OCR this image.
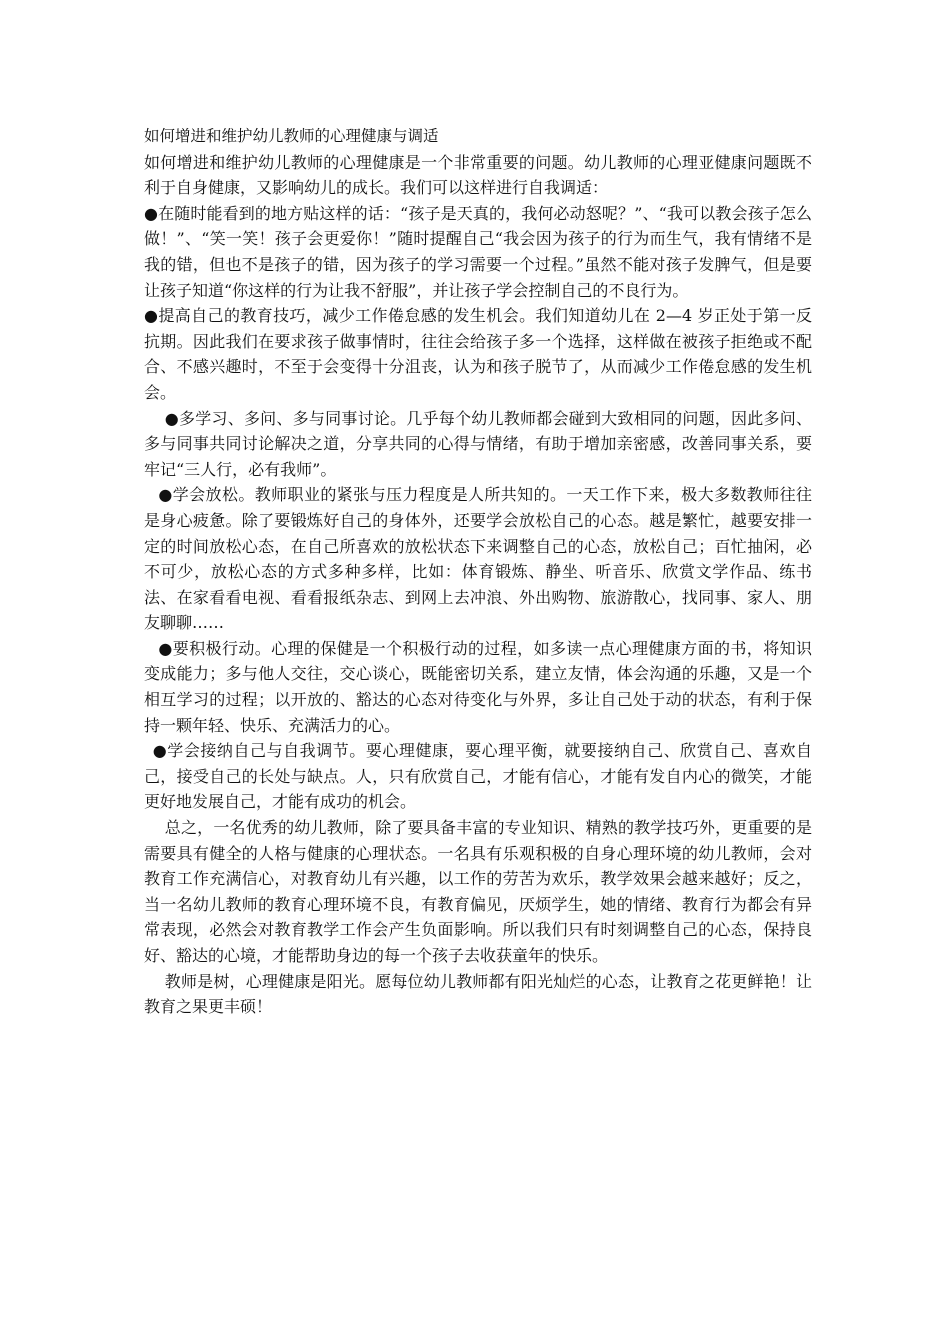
如何增进和维护幼儿教师的心理健康与调适

如何增进和维护幼儿教师的心理健康是一个非常重要的问题。幼儿教师的心理亚健康问题既不利于自身健康，又影响幼儿的成长。我们可以这样进行自我调适：

●在随时能看到的地方贴这样的话：“孩子是天真的，我何必动怒呢？”、“我可以教会孩子怎么做！”、“笑一笑！孩子会更爱你！”随时提醒自己“我会因为孩子的行为而生气，我有情绪不是我的错，但也不是孩子的错，因为孩子的学习需要一个过程。”虽然不能对孩子发脾气，但是要让孩子知道“你这样的行为让我不舒服”，并让孩子学会控制自己的不良行为。

●提高自己的教育技巧，减少工作倦怠感的发生机会。我们知道幼儿在 2—4 岁正处于第一反抗期。因此我们在要求孩子做事情时，往往会给孩子多一个选择，这样做在被孩子拒绝或不配合、不感兴趣时，不至于会变得十分沮丧，认为和孩子脱节了，从而减少工作倦怠感的发生机会。

●多学习、多问、多与同事讨论。几乎每个幼儿教师都会碰到大致相同的问题，因此多问、多与同事共同讨论解决之道，分享共同的心得与情绪，有助于增加亲密感，改善同事关系，要牢记“三人行，必有我师”。

●学会放松。教师职业的紧张与压力程度是人所共知的。一天工作下来，极大多数教师往往是身心疲惫。除了要锻炼好自己的身体外，还要学会放松自己的心态。越是繁忙，越要安排一定的时间放松心态，在自己所喜欢的放松状态下来调整自己的心态，放松自己；百忙抽闲，必不可少，放松心态的方式多种多样，比如：体育锻炼、静坐、听音乐、欣赏文学作品、练书法、在家看看电视、看看报纸杂志、到网上去冲浪、外出购物、旅游散心，找同事、家人、朋友聊聊……

●要积极行动。心理的保健是一个积极行动的过程，如多读一点心理健康方面的书，将知识变成能力；多与他人交往，交心谈心，既能密切关系，建立友情，体会沟通的乐趣，又是一个相互学习的过程；以开放的、豁达的心态对待变化与外界，多让自己处于动的状态，有利于保持一颗年轻、快乐、充满活力的心。

●学会接纳自己与自我调节。要心理健康，要心理平衡，就要接纳自己、欣赏自己、喜欢自己，接受自己的长处与缺点。人，只有欣赏自己，才能有信心，才能有发自内心的微笑，才能更好地发展自己，才能有成功的机会。

总之，一名优秀的幼儿教师，除了要具备丰富的专业知识、精熟的教学技巧外，更重要的是需要具有健全的人格与健康的心理状态。一名具有乐观积极的自身心理环境的幼儿教师，会对教育工作充满信心，对教育幼儿有兴趣，以工作的劳苦为欢乐，教学效果会越来越好；反之，当一名幼儿教师的教育心理环境不良，有教育偏见，厌烦学生，她的情绪、教育行为都会有异常表现，必然会对教育教学工作会产生负面影响。所以我们只有时刻调整自己的心态，保持良好、豁达的心境，才能帮助身边的每一个孩子去收获童年的快乐。

教师是树，心理健康是阳光。愿每位幼儿教师都有阳光灿烂的心态，让教育之花更鲜艳！让教育之果更丰硕！
